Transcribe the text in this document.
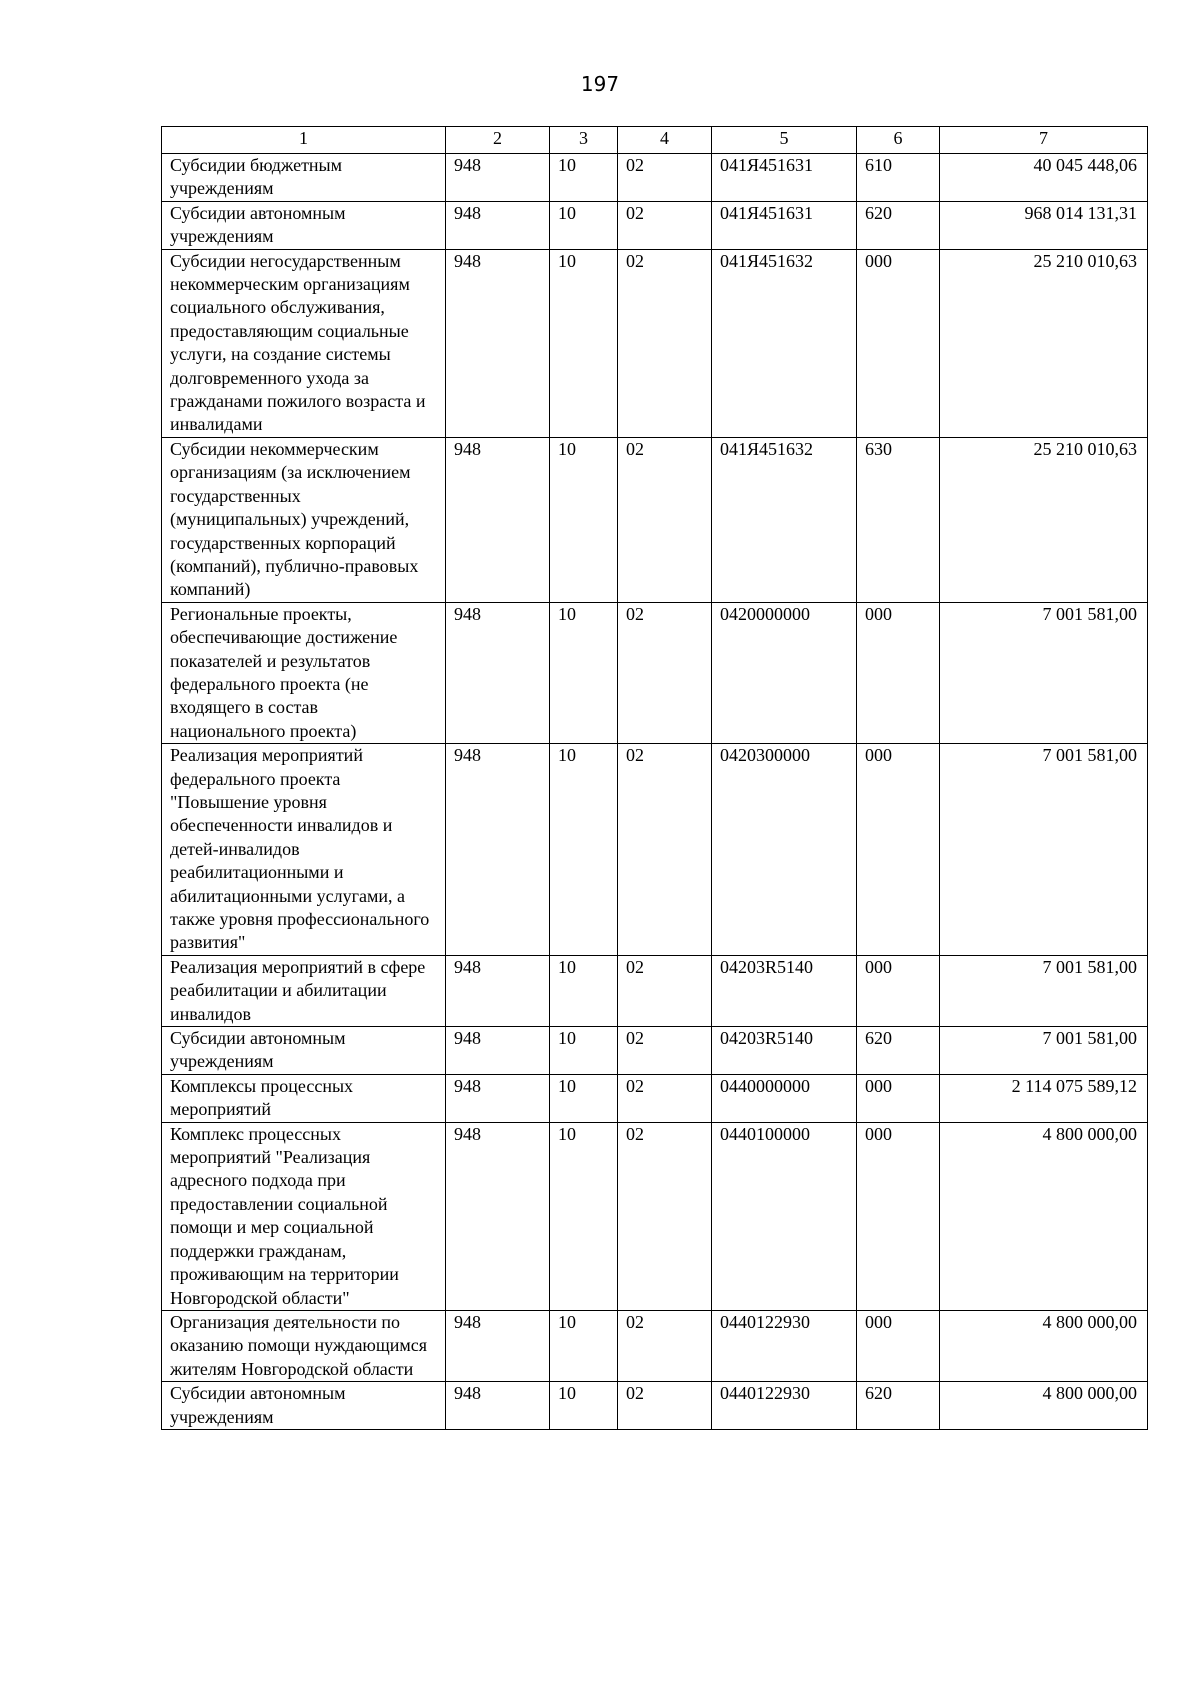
197
1	2	3	4	5	6	7
Субсидии бюджетным учреждениям	948	10	02	041Я451631	610	40 045 448,06
Субсидии автономным учреждениям	948	10	02	041Я451631	620	968 014 131,31
Субсидии негосударственным некоммерческим организациям социального обслуживания, предоставляющим социальные услуги, на создание системы долговременного ухода за гражданами пожилого возраста и инвалидами	948	10	02	041Я451632	000	25 210 010,63
Субсидии некоммерческим организациям (за исключением государственных (муниципальных) учреждений, государственных корпораций (компаний), публично-правовых компаний)	948	10	02	041Я451632	630	25 210 010,63
Региональные проекты, обеспечивающие достижение показателей и результатов федерального проекта (не входящего в состав национального проекта)	948	10	02	0420000000	000	7 001 581,00
Реализация мероприятий федерального проекта "Повышение уровня обеспеченности инвалидов и детей-инвалидов реабилитационными и абилитационными услугами, а также уровня профессионального развития"	948	10	02	0420300000	000	7 001 581,00
Реализация мероприятий в сфере реабилитации и абилитации инвалидов	948	10	02	04203R5140	000	7 001 581,00
Субсидии автономным учреждениям	948	10	02	04203R5140	620	7 001 581,00
Комплексы процессных мероприятий	948	10	02	0440000000	000	2 114 075 589,12
Комплекс процессных мероприятий "Реализация адресного подхода при предоставлении социальной помощи и мер социальной поддержки гражданам, проживающим на территории Новгородской области"	948	10	02	0440100000	000	4 800 000,00
Организация деятельности по оказанию помощи нуждающимся жителям Новгородской области	948	10	02	0440122930	000	4 800 000,00
Субсидии автономным учреждениям	948	10	02	0440122930	620	4 800 000,00
